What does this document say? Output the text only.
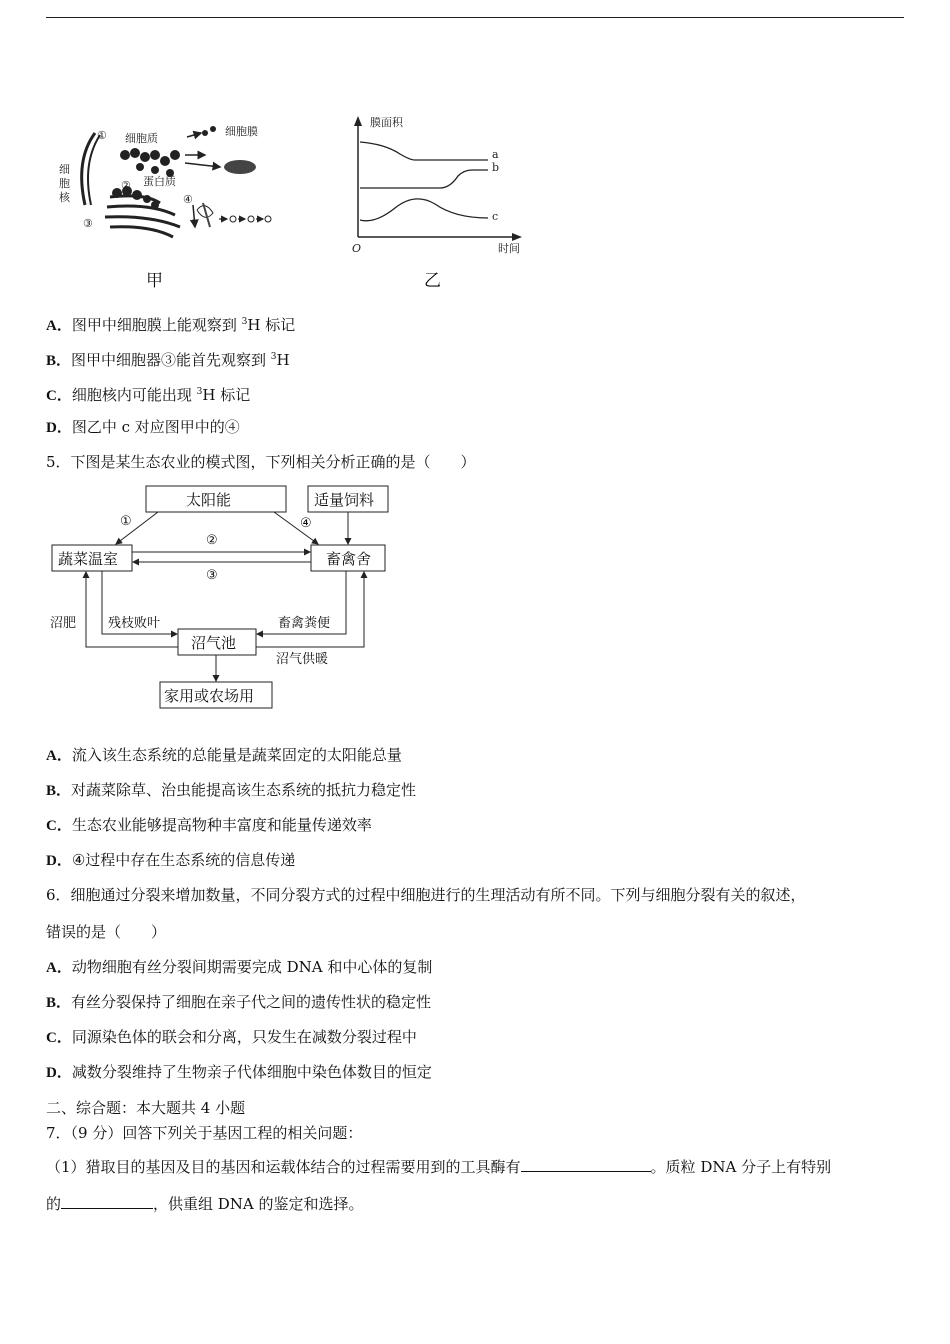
① 细胞质
细胞膜
细
胞
核
② 蛋白质
③
④
甲
膜面积
时间
O
a
b
c
乙
A．图甲中细胞膜上能观察到 $^3$H 标记
B．图甲中细胞器③能首先观察到 $^3$H
C．细胞核内可能出现 $^3$H 标记
D．图乙中 c 对应图甲中的④
5．下图是某生态农业的模式图，下列相关分析正确的是（　　）
太阳能	适量饲料
蔬菜温室	畜禽舍
沼气池
家用或农场用
①
②
③
④
沼肥 残枝败叶	畜禽粪便
沼气供暖
A．流入该生态系统的总能量是蔬菜固定的太阳能总量
B．对蔬菜除草、治虫能提高该生态系统的抵抗力稳定性
C．生态农业能够提高物种丰富度和能量传递效率
D．④过程中存在生态系统的信息传递
6．细胞通过分裂来增加数量，不同分裂方式的过程中细胞进行的生理活动有所不同。下列与细胞分裂有关的叙述，
错误的是（　　）
A．动物细胞有丝分裂间期需要完成 DNA 和中心体的复制
B．有丝分裂保持了细胞在亲子代之间的遗传性状的稳定性
C．同源染色体的联会和分离，只发生在减数分裂过程中
D．减数分裂维持了生物亲子代体细胞中染色体数目的恒定
二、综合题：本大题共 4 小题
7．（9 分）回答下列关于基因工程的相关问题：
（1）猎取目的基因及目的基因和运载体结合的过程需要用到的工具酶有	。质粒 DNA 分子上有特别
的	，供重组 DNA 的鉴定和选择。
